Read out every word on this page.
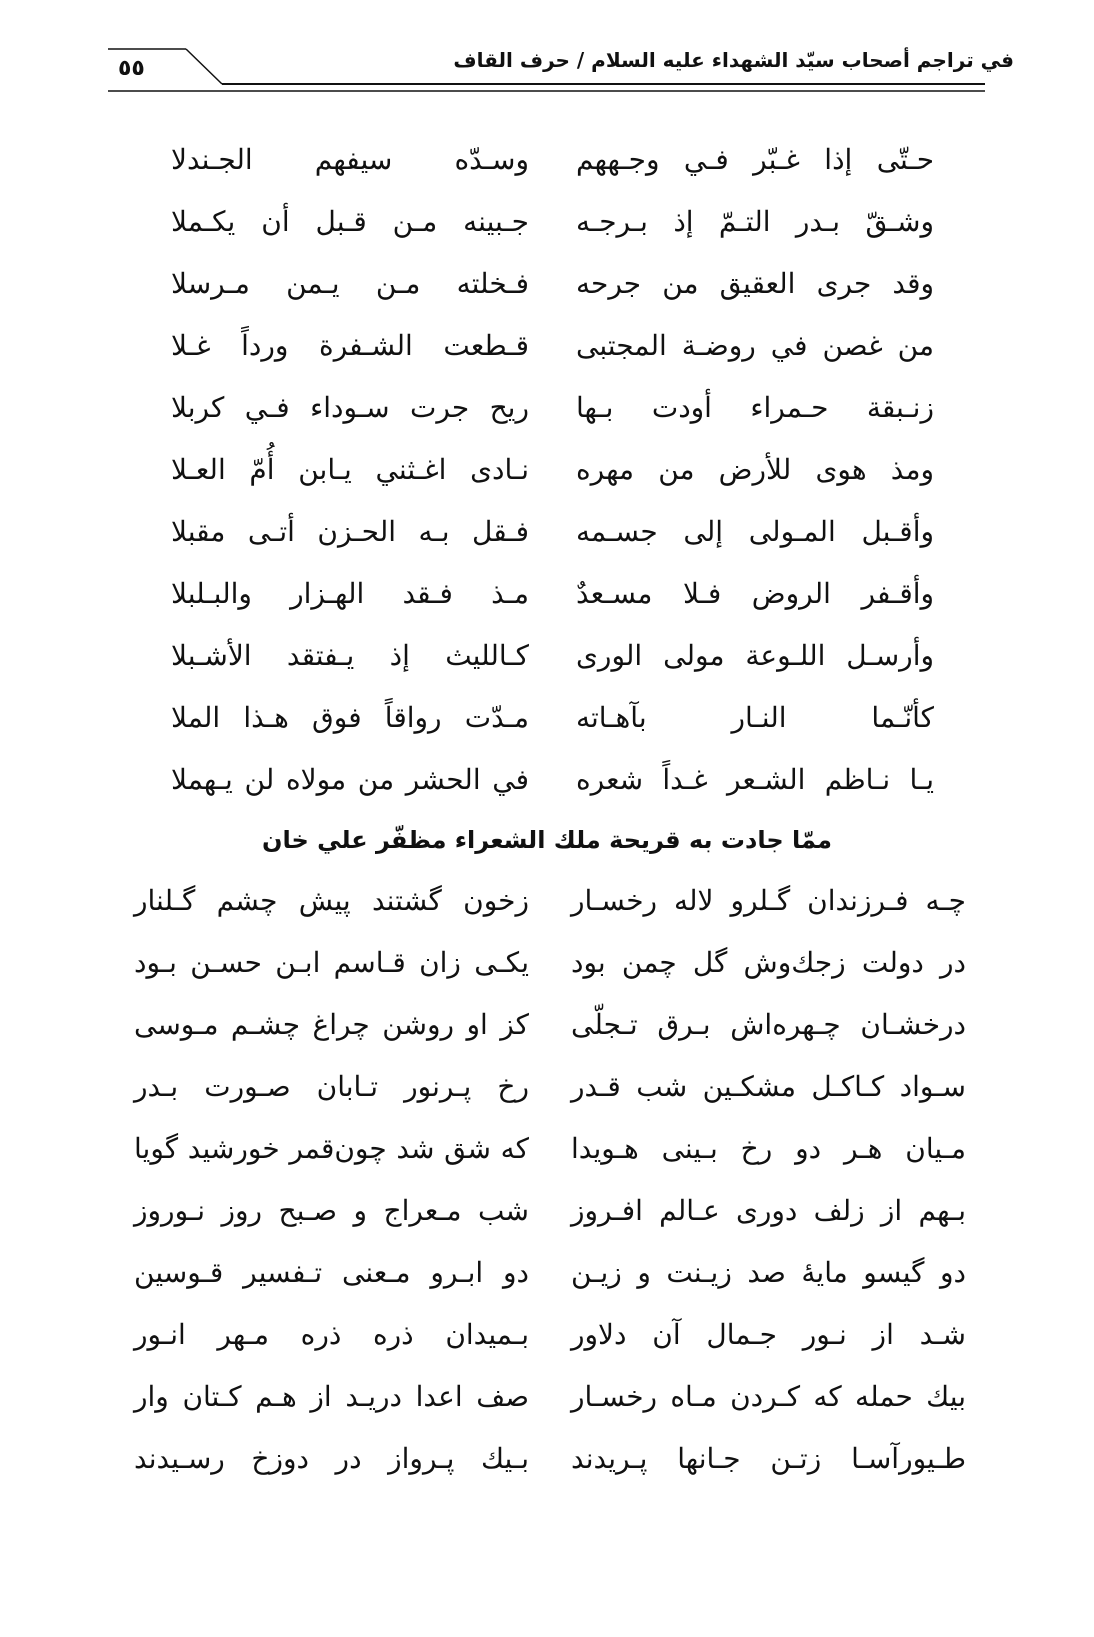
في تراجم أصحاب سيّد الشهداء عليه السلام / حرف القاف
٥٥
حـتّى إذا غـبّر فـي وجـههم
وسـدّه سيفهم الجـندلا
وشـقّ بـدر التـمّ إذ بـرجـه
جـبينه مـن قـبل أن يكـملا
وقد جرى العقيق من جرحه
فـخلته مـن يـمن مـرسلا
من غصن في روضـة المجتبى
قـطعت الشـفرة ورداً غـلا
زنـبقة حـمراء أودت بـها
ريح جرت سـوداء فـي كربلا
ومذ هوى للأرض من مهره
نـادى اغـثني يـابن أُمّ العـلا
وأقـبل المـولى إلى جسـمه
فـقل بـه الحـزن أتـى مقبلا
وأقـفر الروض فـلا مسـعدٌ
مـذ فـقد الهـزار والبـلبلا
وأرسـل اللـوعة مولى الورى
كـالليث إذ يـفتقد الأشـبلا
كأنّـما النـار بآهـاته
مـدّت رواقاً فوق هـذا الملا
يـا نـاظم الشـعر غـداً شعره
في الحشر من مولاه لن يـهملا
ممّا جادت به قريحة ملك الشعراء مظفّر علي خان
چـه فـرزندان گـلرو لاله رخسـار
زخون گشتند پيش چشم گـلنار
در دولت زجك‌وش گل چمن بود
يكـى زان قـاسم ابـن حسـن بـود
درخشـان چـهره‌اش بـرق تـجلّى
كز او روشن چراغ چشـم مـوسى
سـواد كـاكـل مشكـين شب قـدر
رخ پـرنور تـابان صـورت بـدر
مـيان هـر دو رخ بـينى هـويدا
كه شق شد چون‌قمر خورشيد گويا
بـهم از زلف دورى عـالم افـروز
شب مـعراج و صـبح روز نـوروز
دو گيسو مايهٔ صد زيـنت و زيـن
دو ابـرو مـعنى تـفسير قـوسين
شـد از نـور جـمال آن دلاور
بـميدان ذره ذره مـهر انـور
بيك حمله كه كـردن مـاه رخسـار
صف اعدا دريـد از هـم كـتان وار
طـيورآسـا زتـن جـانها پـريدند
بـيك پـرواز در دوزخ رسـيدند
